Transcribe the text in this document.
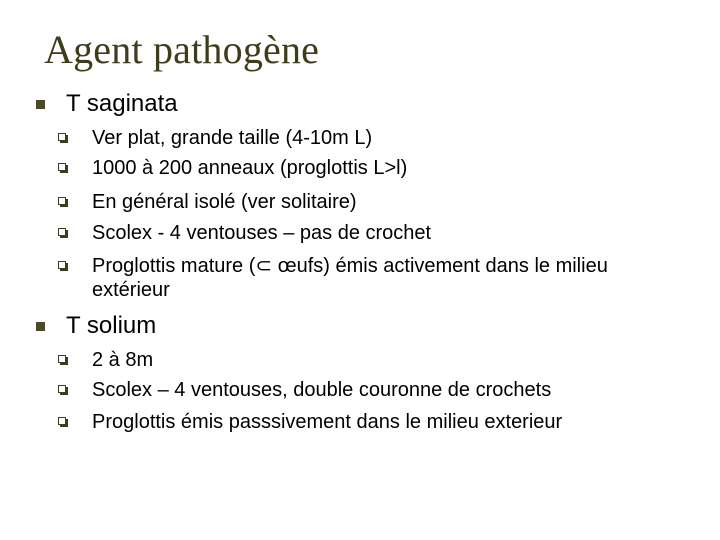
Agent pathogène
T saginata
Ver plat, grande taille (4-10m L)
1000 à 200 anneaux (proglottis L>l)
En général isolé (ver solitaire)
Scolex - 4 ventouses – pas de crochet
Proglottis mature (⊂ œufs) émis activement dans le milieu extérieur
T solium
2 à 8m
Scolex – 4 ventouses, double couronne de crochets
Proglottis émis passsivement dans le milieu exterieur
